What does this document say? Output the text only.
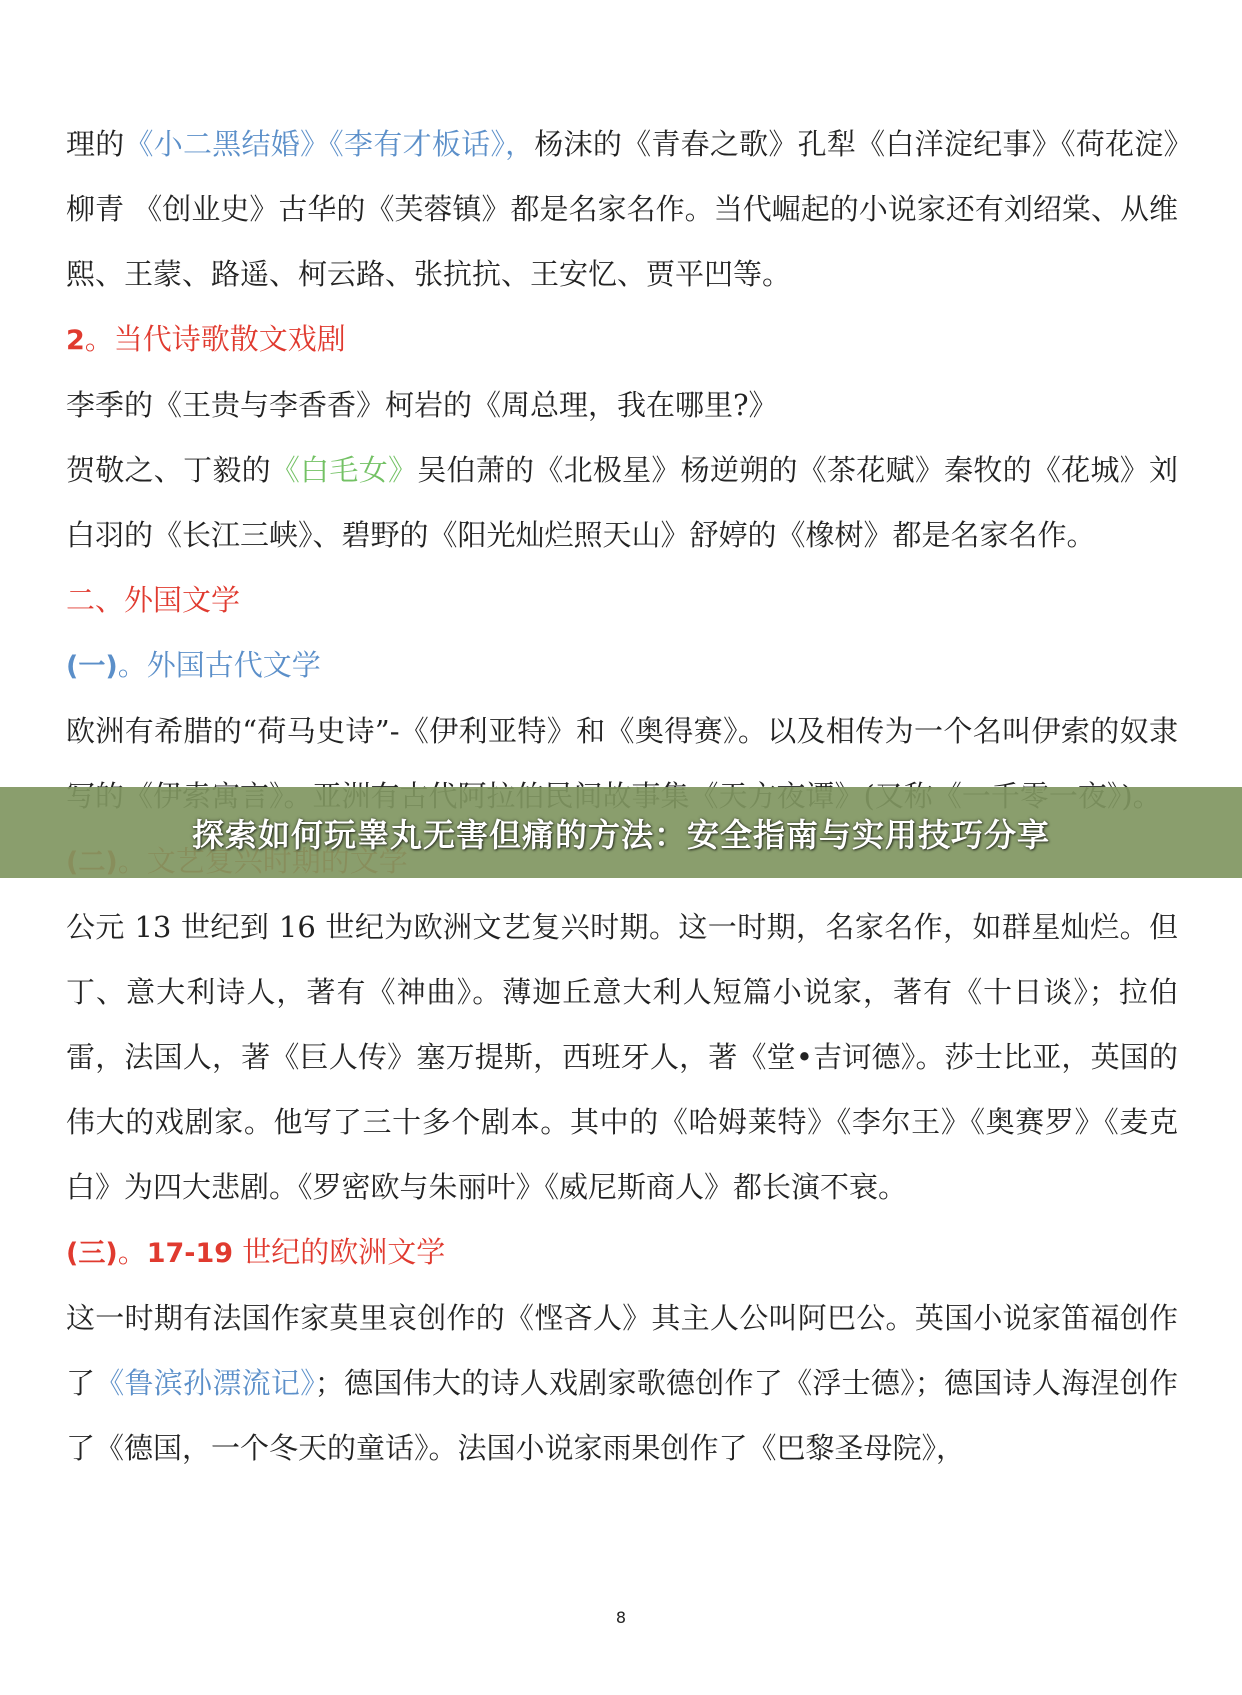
理的《小二黑结婚》《李有才板话》，杨沫的《青春之歌》孔犁《白洋淀纪事》《荷花淀》柳青 《创业史》古华的《芙蓉镇》都是名家名作。当代崛起的小说家还有刘绍棠、从维熙、王蒙、路遥、柯云路、张抗抗、王安忆、贾平凹等。

2。当代诗歌散文戏剧

李季的《王贵与李香香》柯岩的《周总理，我在哪里?》

贺敬之、丁毅的《白毛女》吴伯萧的《北极星》杨逆朔的《茶花赋》秦牧的《花城》刘白羽的《长江三峡》、碧野的《阳光灿烂照天山》舒婷的《橡树》都是名家名作。

二、外国文学

(一)。外国古代文学

欧洲有希腊的“荷马史诗”-《伊利亚特》和《奥得赛》。以及相传为一个名叫伊索的奴隶

公元 13 世纪到 16 世纪为欧洲文艺复兴时期。这一时期，名家名作，如群星灿烂。但丁、意大利诗人，著有《神曲》。薄迦丘意大利人短篇小说家，著有《十日谈》；拉伯雷，法国人，著《巨人传》塞万提斯，西班牙人，著《堂•吉诃德》。莎士比亚，英国的伟大的戏剧家。他写了三十多个剧本。其中的《哈姆莱特》《李尔王》《奥赛罗》《麦克白》为四大悲剧。《罗密欧与朱丽叶》《威尼斯商人》都长演不衰。

(三)。17-19 世纪的欧洲文学

这一时期有法国作家莫里哀创作的《悭吝人》其主人公叫阿巴公。英国小说家笛福创作了《鲁滨孙漂流记》；德国伟大的诗人戏剧家歌德创作了《浮士德》；德国诗人海涅创作了《德国，一个冬天的童话》。法国小说家雨果创作了《巴黎圣母院》，

探索如何玩睾丸无害但痛的方法：安全指南与实用技巧分享
8
